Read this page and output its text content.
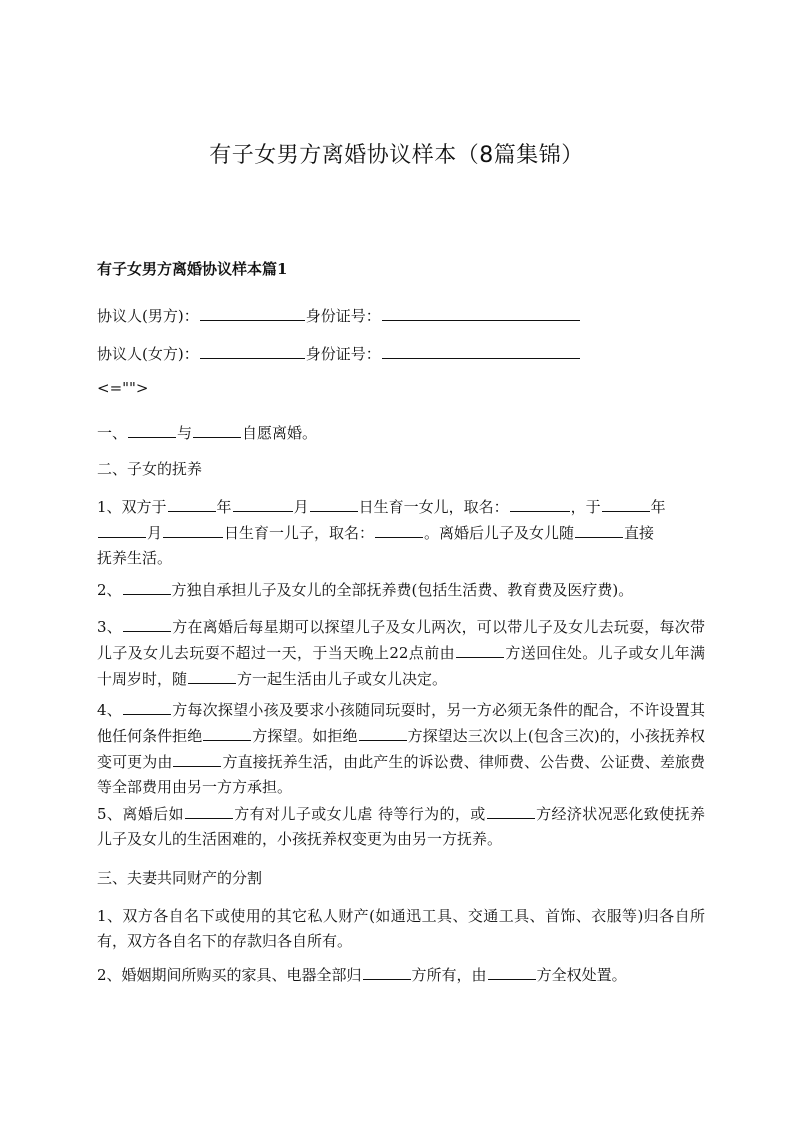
有子女男方离婚协议样本（8篇集锦）
有子女男方离婚协议样本篇1
协议人(男方)：	身份证号：
协议人(女方)：	身份证号：
<="">
一、	与	自愿离婚。
二、子女的抚养
1、双方于	年	月	日生育一女儿，取名：	，于	年
月	日生育一儿子，取名：	。离婚后儿子及女儿随	直接
抚养生活。
2、	方独自承担儿子及女儿的全部抚养费(包括生活费、教育费及医疗费)。
3、	方在离婚后每星期可以探望儿子及女儿两次，可以带儿子及女儿去玩耍，每次带儿子及女儿去玩耍不超过一天，于当天晚上22点前由	方送回住处。儿子或女儿年满十周岁时，随	方一起生活由儿子或女儿决定。
4、	方每次探望小孩及要求小孩随同玩耍时，另一方必须无条件的配合，不许设置其他任何条件拒绝	方探望。如拒绝	方探望达三次以上(包含三次)的，小孩抚养权变可更为由	方直接抚养生活，由此产生的诉讼费、律师费、公告费、公证费、差旅费等全部费用由另一方方承担。
5、离婚后如	方有对儿子或女儿虐 待等行为的，或	方经济状况恶化致使抚养儿子及女儿的生活困难的，小孩抚养权变更为由另一方抚养。
三、夫妻共同财产的分割
1、双方各自名下或使用的其它私人财产(如通迅工具、交通工具、首饰、衣服等)归各自所有，双方各自名下的存款归各自所有。
2、婚姻期间所购买的家具、电器全部归	方所有，由	方全权处置。
